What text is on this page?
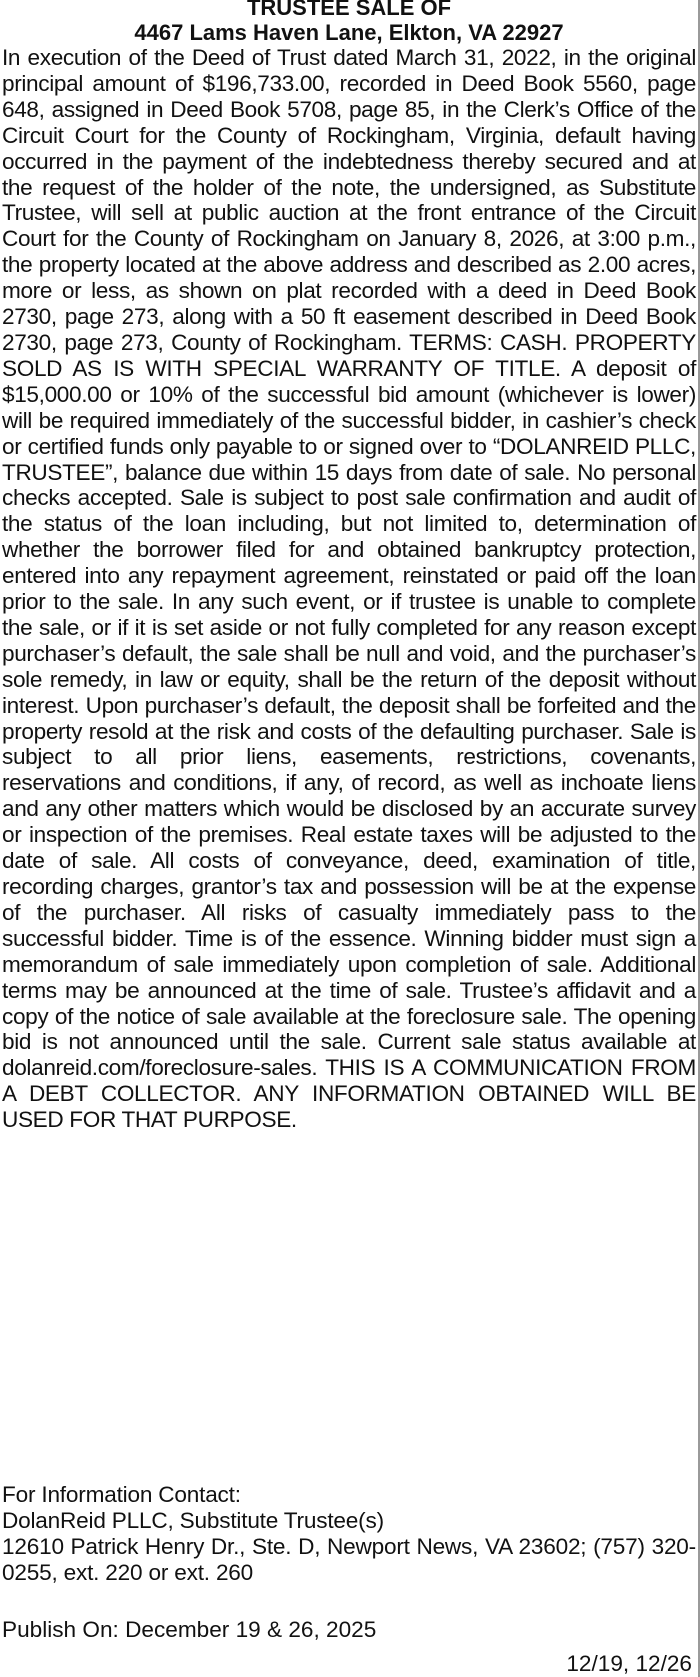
TRUSTEE SALE OF
4467 Lams Haven Lane, Elkton, VA 22927

In execution of the Deed of Trust dated March 31, 2022, in the original principal amount of $196,733.00, recorded in Deed Book 5560, page 648, assigned in Deed Book 5708, page 85, in the Clerk’s Office of the Circuit Court for the County of Rockingham, Virginia, default having occurred in the payment of the indebtedness thereby secured and at the request of the holder of the note, the undersigned, as Substitute Trustee, will sell at public auction at the front entrance of the Circuit Court for the County of Rockingham on January 8, 2026, at 3:00 p.m., the property located at the above address and described as 2.00 acres, more or less, as shown on plat recorded with a deed in Deed Book 2730, page 273, along with a 50 ft easement described in Deed Book 2730, page 273, County of Rockingham. TERMS: CASH. PROPERTY SOLD AS IS WITH SPECIAL WARRANTY OF TITLE. A deposit of $15,000.00 or 10% of the successful bid amount (whichever is lower) will be required immediately of the successful bidder, in cashier’s check or certified funds only payable to or signed over to “DOLANREID PLLC, TRUSTEE”, balance due within 15 days from date of sale. No personal checks accepted. Sale is subject to post sale confirmation and audit of the status of the loan including, but not limited to, determination of whether the borrower filed for and obtained bankruptcy protection, entered into any repayment agreement, reinstated or paid off the loan prior to the sale. In any such event, or if trustee is unable to complete the sale, or if it is set aside or not fully completed for any reason except purchaser’s default, the sale shall be null and void, and the purchaser’s sole remedy, in law or equity, shall be the return of the deposit without interest. Upon purchaser’s default, the deposit shall be forfeited and the property resold at the risk and costs of the defaulting purchaser. Sale is subject to all prior liens, easements, restrictions, covenants, reservations and conditions, if any, of record, as well as inchoate liens and any other matters which would be disclosed by an accurate survey or inspection of the premises. Real estate taxes will be adjusted to the date of sale. All costs of conveyance, deed, examination of title, recording charges, grantor’s tax and possession will be at the expense of the purchaser. All risks of casualty immediately pass to the successful bidder. Time is of the essence. Winning bidder must sign a memorandum of sale immediately upon completion of sale. Additional terms may be announced at the time of sale. Trustee’s affidavit and a copy of the notice of sale available at the foreclosure sale. The opening bid is not announced until the sale. Current sale status available at dolanreid.com/​foreclosure-sales. THIS IS A COMMUNICATION FROM A DEBT COLLECTOR. ANY INFORMATION OBTAINED WILL BE USED FOR THAT PURPOSE.

For Information Contact:
DolanReid PLLC, Substitute Trustee(s)
12610 Patrick Henry Dr., Ste. D, Newport News, VA 23602; (757) 320-0255, ext. 220 or ext. 260
Publish On: December 19 & 26, 2025
12/19, 12/26
